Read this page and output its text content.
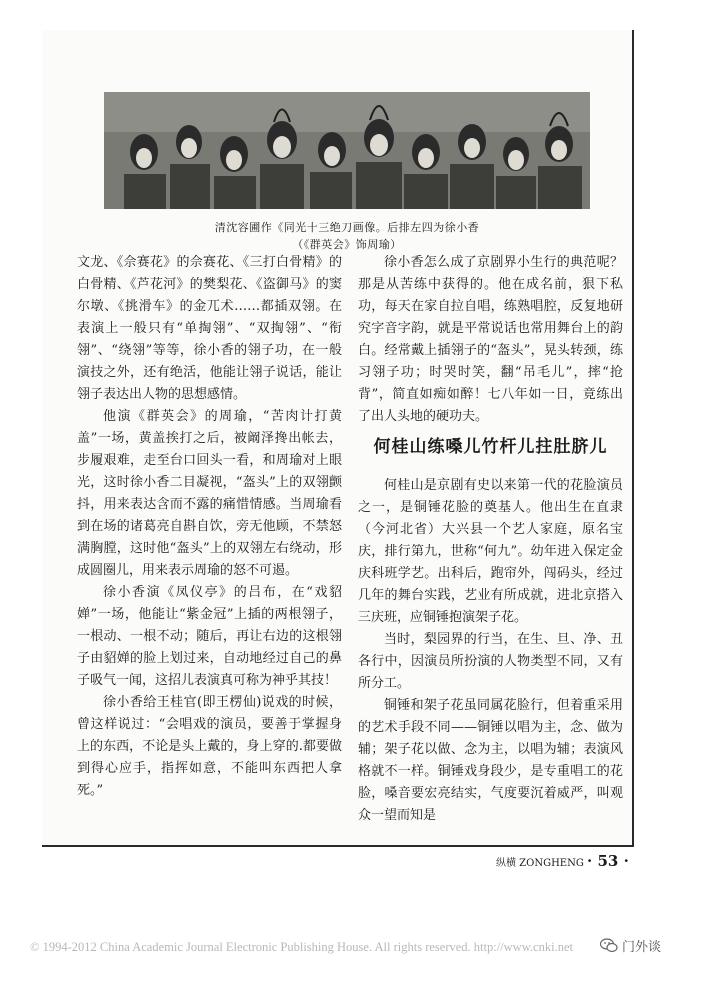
清沈容圃作《同光十三绝刀画像。后排左四为徐小香
（《群英会》饰周瑜）

文龙、《佘赛花》的佘赛花、《三打白骨精》的白骨精、《芦花河》的樊梨花、《盗御马》的窦尔墩、《挑滑车》的金兀术……都插双翎。在表演上一般只有“单掏翎”、“双掏翎”、“衔翎”、“绕翎”等等，徐小香的翎子功，在一般演技之外，还有绝活，他能让翎子说话，能让翎子表达出人物的思想感情。

他演《群英会》的周瑜，“苦肉计打黄盖”一场，黄盖挨打之后，被阚泽搀出帐去，步履艰难，走至台口回头一看，和周瑜对上眼光，这时徐小香二目凝视，“盔头”上的双翎颤抖，用来表达含而不露的痛惜情感。当周瑜看到在场的诸葛亮自斟自饮，旁无他顾，不禁怒满胸膛，这时他“盔头”上的双翎左右绕动，形成圆圈儿，用来表示周瑜的怒不可遏。

徐小香演《凤仪亭》的吕布，在“戏貂婵”一场，他能让“紫金冠”上插的两根翎子，一根动、一根不动；随后，再让右边的这根翎子由貂婵的脸上划过来，自动地经过自己的鼻子吸气一闻，这招儿表演真可称为神乎其技！

徐小香给王桂官(即王楞仙)说戏的时候，曾这样说过：“会唱戏的演员，要善于掌握身上的东西，不论是头上戴的，身上穿的.都要做到得心应手，指挥如意，不能叫东西把人拿死。”

徐小香怎么成了京剧界小生行的典范呢？那是从苦练中获得的。他在成名前，狠下私功，每天在家自拉自唱，练熟唱腔，反复地研究字音字韵，就是平常说话也常用舞台上的韵白。经常戴上插翎子的“盔头”，晃头转颈，练习翎子功；时哭时笑，翻“吊毛儿”，摔“抢背”，简直如痴如醉！七八年如一日，竟练出了出人头地的硬功夫。

何桂山练嗓儿竹杆儿拄肚脐儿

何桂山是京剧有史以来第一代的花脸演员之一，是铜锤花脸的奠基人。他出生在直隶（今河北省）大兴县一个艺人家庭，原名宝庆，排行第九，世称“何九”。幼年进入保定金庆科班学艺。出科后，跑帘外，闯码头，经过几年的舞台实践，艺业有所成就，进北京搭入三庆班，应铜锤抱演架子花。

当时，梨园界的行当，在生、旦、净、丑各行中，因演员所扮演的人物类型不同，又有所分工。

铜锤和架子花虽同属花脸行，但着重采用的艺术手段不同——铜锤以唱为主，念、做为辅；架子花以做、念为主，以唱为辅；表演风格就不一样。铜锤戏身段少，是专重唱工的花脸，嗓音要宏亮结实，气度要沉着威严，叫观众一望而知是

纵横 ZONGHENG · 53 ·
© 1994-2012 China Academic Journal Electronic Publishing House. All rights reserved. http://www.cnki.net	门外谈
